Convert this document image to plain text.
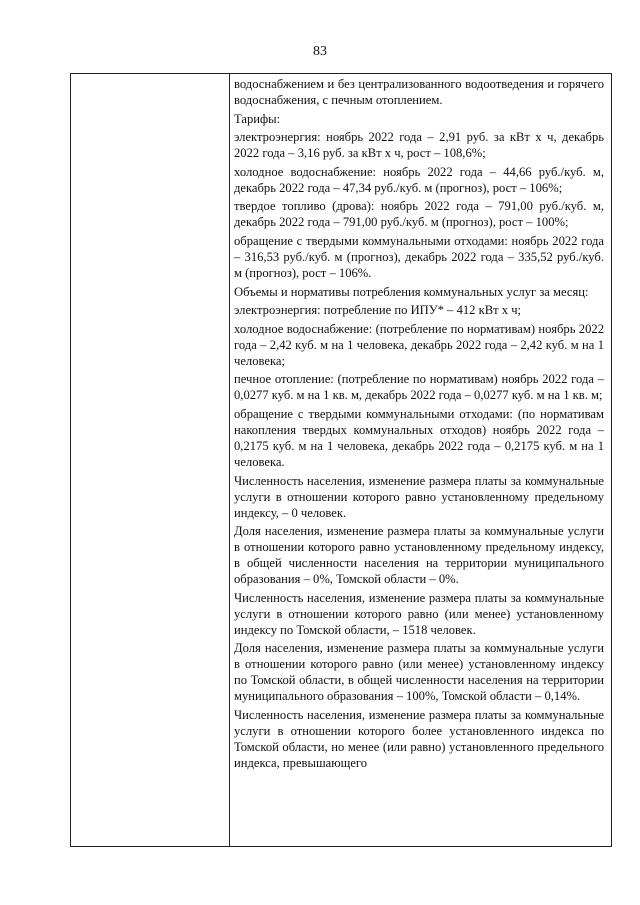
83

водоснабжением и без централизованного водоотведения и горячего водоснабжения, с печным отоплением.

Тарифы:

электроэнергия: ноябрь 2022 года – 2,91 руб. за кВт х ч, декабрь 2022 года – 3,16 руб. за кВт х ч, рост – 108,6%;

холодное водоснабжение: ноябрь 2022 года – 44,66 руб./куб. м, декабрь 2022 года – 47,34 руб./куб. м (прогноз), рост – 106%;

твердое топливо (дрова): ноябрь 2022 года – 791,00 руб./куб. м, декабрь 2022 года – 791,00 руб./куб. м (прогноз), рост – 100%;

обращение с твердыми коммунальными отходами: ноябрь 2022 года – 316,53 руб./куб. м (прогноз), декабрь 2022 года – 335,52 руб./куб. м (прогноз), рост – 106%.

Объемы и нормативы потребления коммунальных услуг за месяц:

электроэнергия: потребление по ИПУ* – 412 кВт х ч;

холодное водоснабжение: (потребление по нормативам) ноябрь 2022 года – 2,42 куб. м на 1 человека, декабрь 2022 года – 2,42 куб. м на 1 человека;

печное отопление: (потребление по нормативам) ноябрь 2022 года – 0,0277 куб. м на 1 кв. м, декабрь 2022 года – 0,0277 куб. м на 1 кв. м;

обращение с твердыми коммунальными отходами: (по нормативам накопления твердых коммунальных отходов) ноябрь 2022 года – 0,2175 куб. м на 1 человека, декабрь 2022 года – 0,2175 куб. м на 1 человека.

Численность населения, изменение размера платы за коммунальные услуги в отношении которого равно установленному предельному индексу, – 0 человек.

Доля населения, изменение размера платы за коммунальные услуги в отношении которого равно установленному предельному индексу, в общей численности населения на территории муниципального образования – 0%, Томской области – 0%.

Численность населения, изменение размера платы за коммунальные услуги в отношении которого равно (или менее) установленному индексу по Томской области, – 1518 человек.

Доля населения, изменение размера платы за коммунальные услуги в отношении которого равно (или менее) установленному индексу по Томской области, в общей численности населения на территории муниципального образования – 100%, Томской области – 0,14%.

Численность населения, изменение размера платы за коммунальные услуги в отношении которого более установленного индекса по Томской области, но менее (или равно) установленного предельного индекса, превышающего
